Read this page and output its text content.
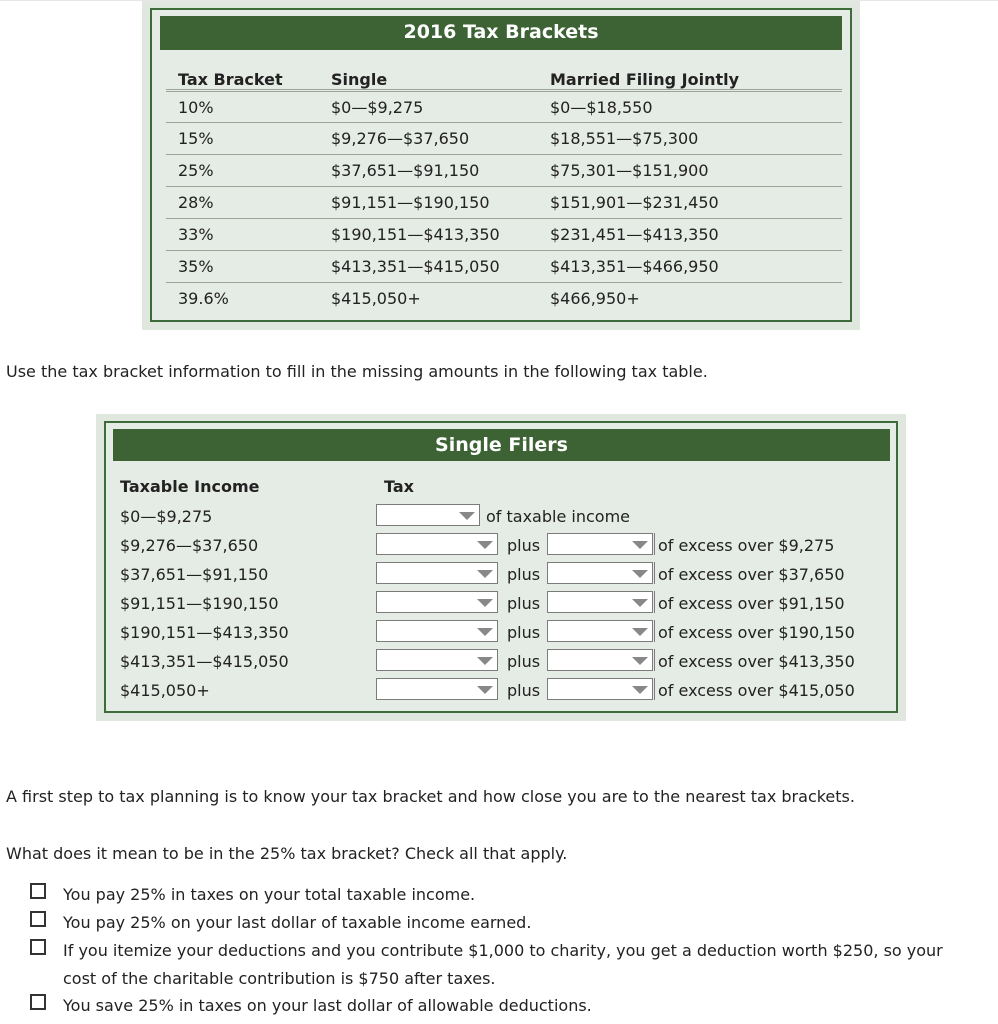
2016 Tax Brackets
Tax Bracket	Single	Married Filing Jointly
10%	$0—$9,275	$0—$18,550
15%	$9,276—$37,650	$18,551—$75,300
25%	$37,651—$91,150	$75,301—$151,900
28%	$91,151—$190,150	$151,901—$231,450
33%	$190,151—$413,350	$231,451—$413,350
35%	$413,351—$415,050	$413,351—$466,950
39.6%	$415,050+	$466,950+
Use the tax bracket information to fill in the missing amounts in the following tax table.
Single Filers
Taxable Income	Tax
$0—$9,275	of taxable income
$9,276—$37,650	plus	of excess over $9,275
$37,651—$91,150	plus	of excess over $37,650
$91,151—$190,150	plus	of excess over $91,150
$190,151—$413,350	plus	of excess over $190,150
$413,351—$415,050	plus	of excess over $413,350
$415,050+	plus	of excess over $415,050
A first step to tax planning is to know your tax bracket and how close you are to the nearest tax brackets.
What does it mean to be in the 25% tax bracket? Check all that apply.
You pay 25% in taxes on your total taxable income.
You pay 25% on your last dollar of taxable income earned.
If you itemize your deductions and you contribute $1,000 to charity, you get a deduction worth $250, so your
cost of the charitable contribution is $750 after taxes.
You save 25% in taxes on your last dollar of allowable deductions.
